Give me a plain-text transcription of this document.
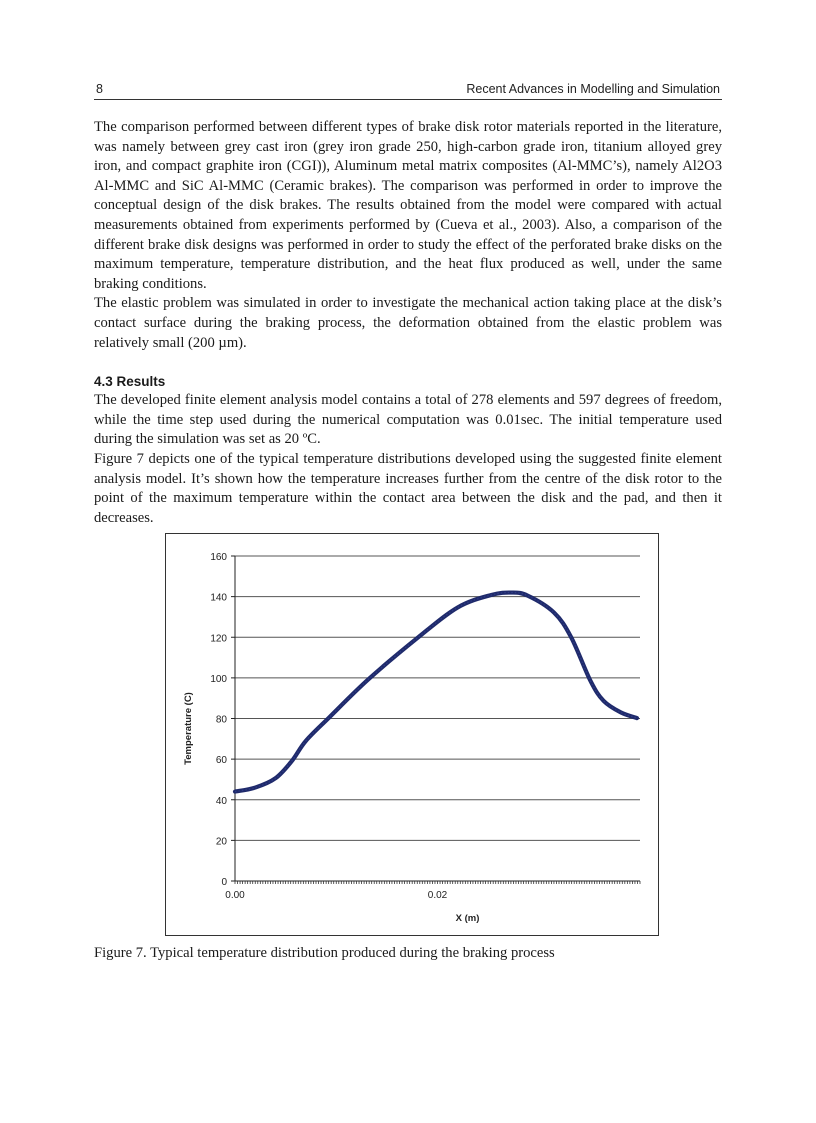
8	Recent Advances in Modelling and Simulation

The comparison performed between different types of brake disk rotor materials reported in the literature, was namely between grey cast iron (grey iron grade 250, high-carbon grade iron, titanium alloyed grey iron, and compact graphite iron (CGI)), Aluminum metal matrix composites (Al-MMC’s), namely Al2O3 Al-MMC and SiC Al-MMC (Ceramic brakes). The comparison was performed in order to improve the conceptual design of the disk brakes. The results obtained from the model were compared with actual measurements obtained from experiments performed by (Cueva et al., 2003). Also, a comparison of the different brake disk designs was performed in order to study the effect of the perforated brake disks on the maximum temperature, temperature distribution, and the heat flux produced as well, under the same braking conditions.

The elastic problem was simulated in order to investigate the mechanical action taking place at the disk’s contact surface during the braking process, the deformation obtained from the elastic problem was relatively small (200 µm).

4.3 Results

The developed finite element analysis model contains a total of 278 elements and 597 degrees of freedom, while the time step used during the numerical computation was 0.01sec. The initial temperature used during the simulation was set as 20 ºC.

Figure 7 depicts one of the typical temperature distributions developed using the suggested finite element analysis model. It’s shown how the temperature increases further from the centre of the disk rotor to the point of the maximum temperature within the contact area between the disk and the pad, and then it decreases.

0
20
40
60
80
100
120
140
160
0.00	0.02
X (m)
Temperature (C)
Figure 7. Typical temperature distribution produced during the braking process
